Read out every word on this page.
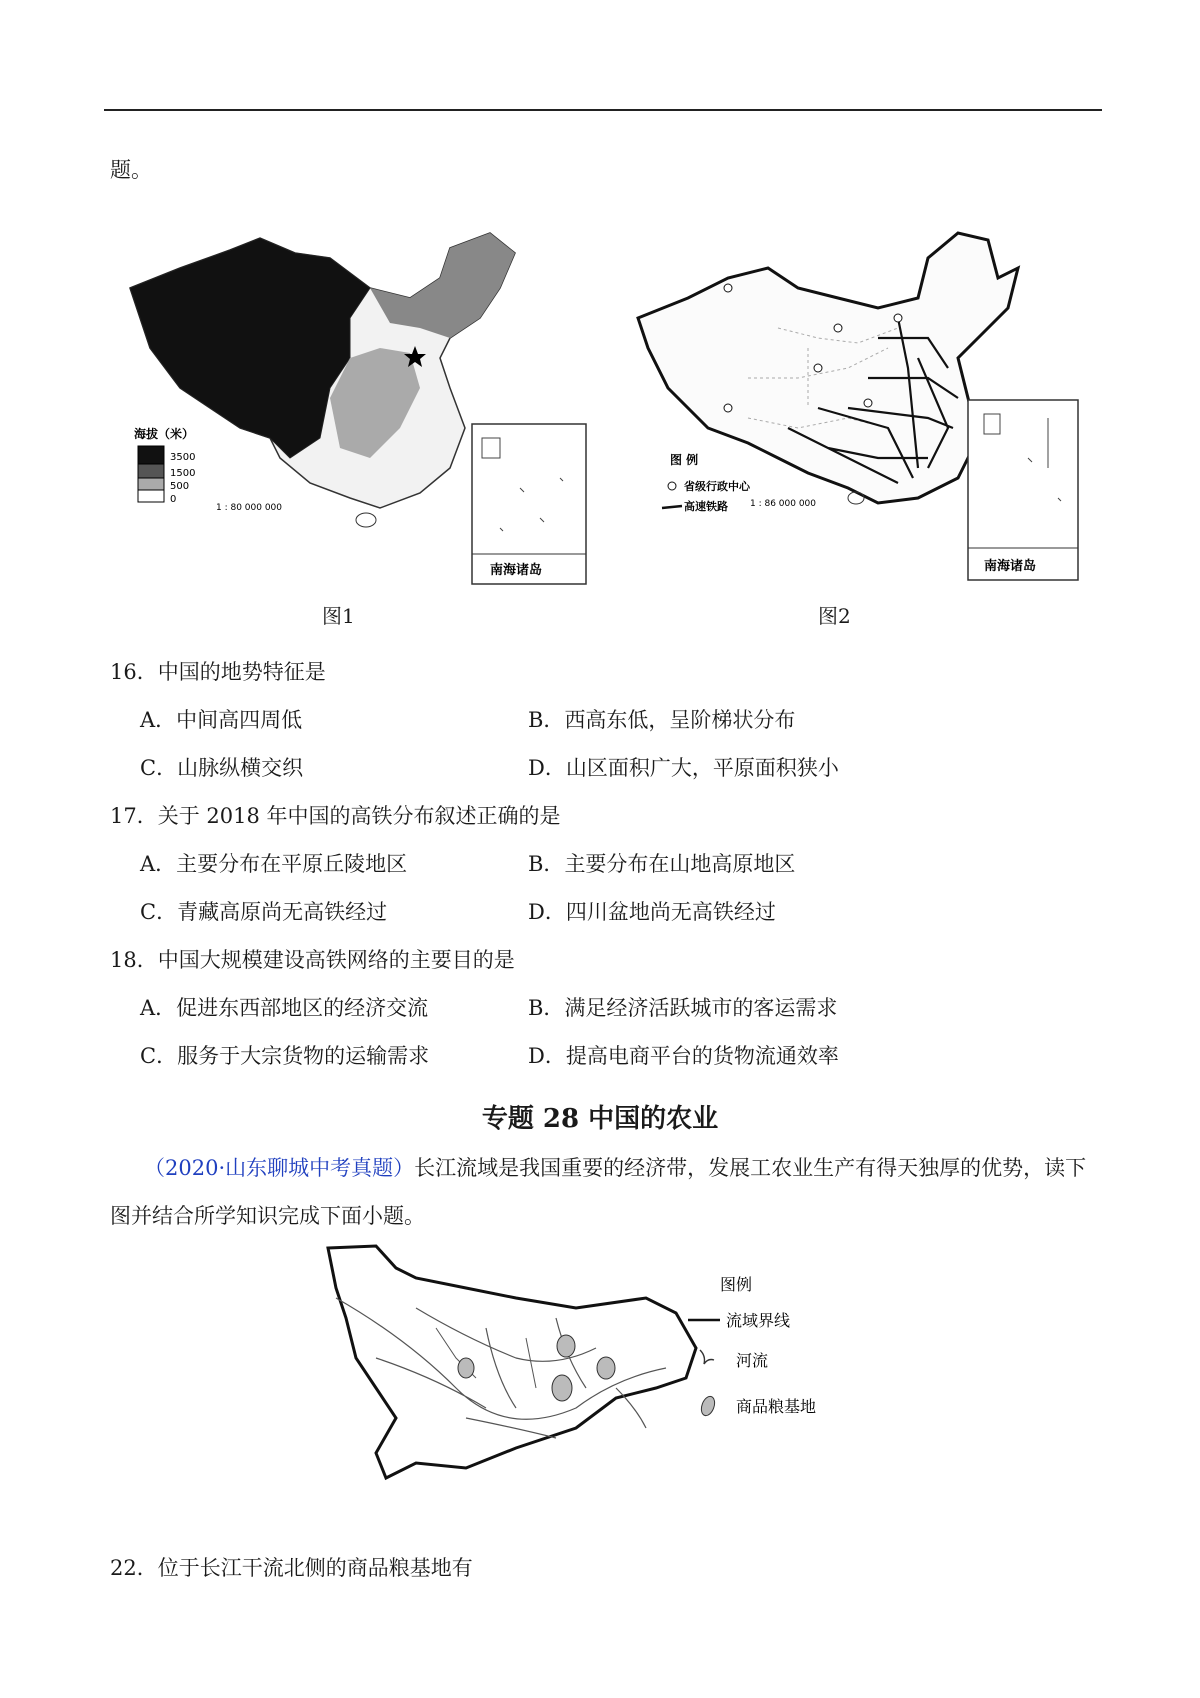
题。
海拔（米）
3500
1500
500
0
1 : 80 000 000
南海诸岛
图 例
省级行政中心
高速铁路 1 : 86 000 000
南海诸岛
图1	图2
16．中国的地势特征是
A．中间高四周低	B．西高东低，呈阶梯状分布
C．山脉纵横交织	D．山区面积广大，平原面积狭小
17．关于 2018 年中国的高铁分布叙述正确的是
A．主要分布在平原丘陵地区	B．主要分布在山地高原地区
C．青藏高原尚无高铁经过	D．四川盆地尚无高铁经过
18．中国大规模建设高铁网络的主要目的是
A．促进东西部地区的经济交流	B．满足经济活跃城市的客运需求
C．服务于大宗货物的运输需求	D．提高电商平台的货物流通效率
专题 28 中国的农业
（2020·山东聊城中考真题）长江流域是我国重要的经济带，发展工农业生产有得天独厚的优势，读下
图并结合所学知识完成下面小题。
图例
流域界线
河流
商品粮基地
22．位于长江干流北侧的商品粮基地有
